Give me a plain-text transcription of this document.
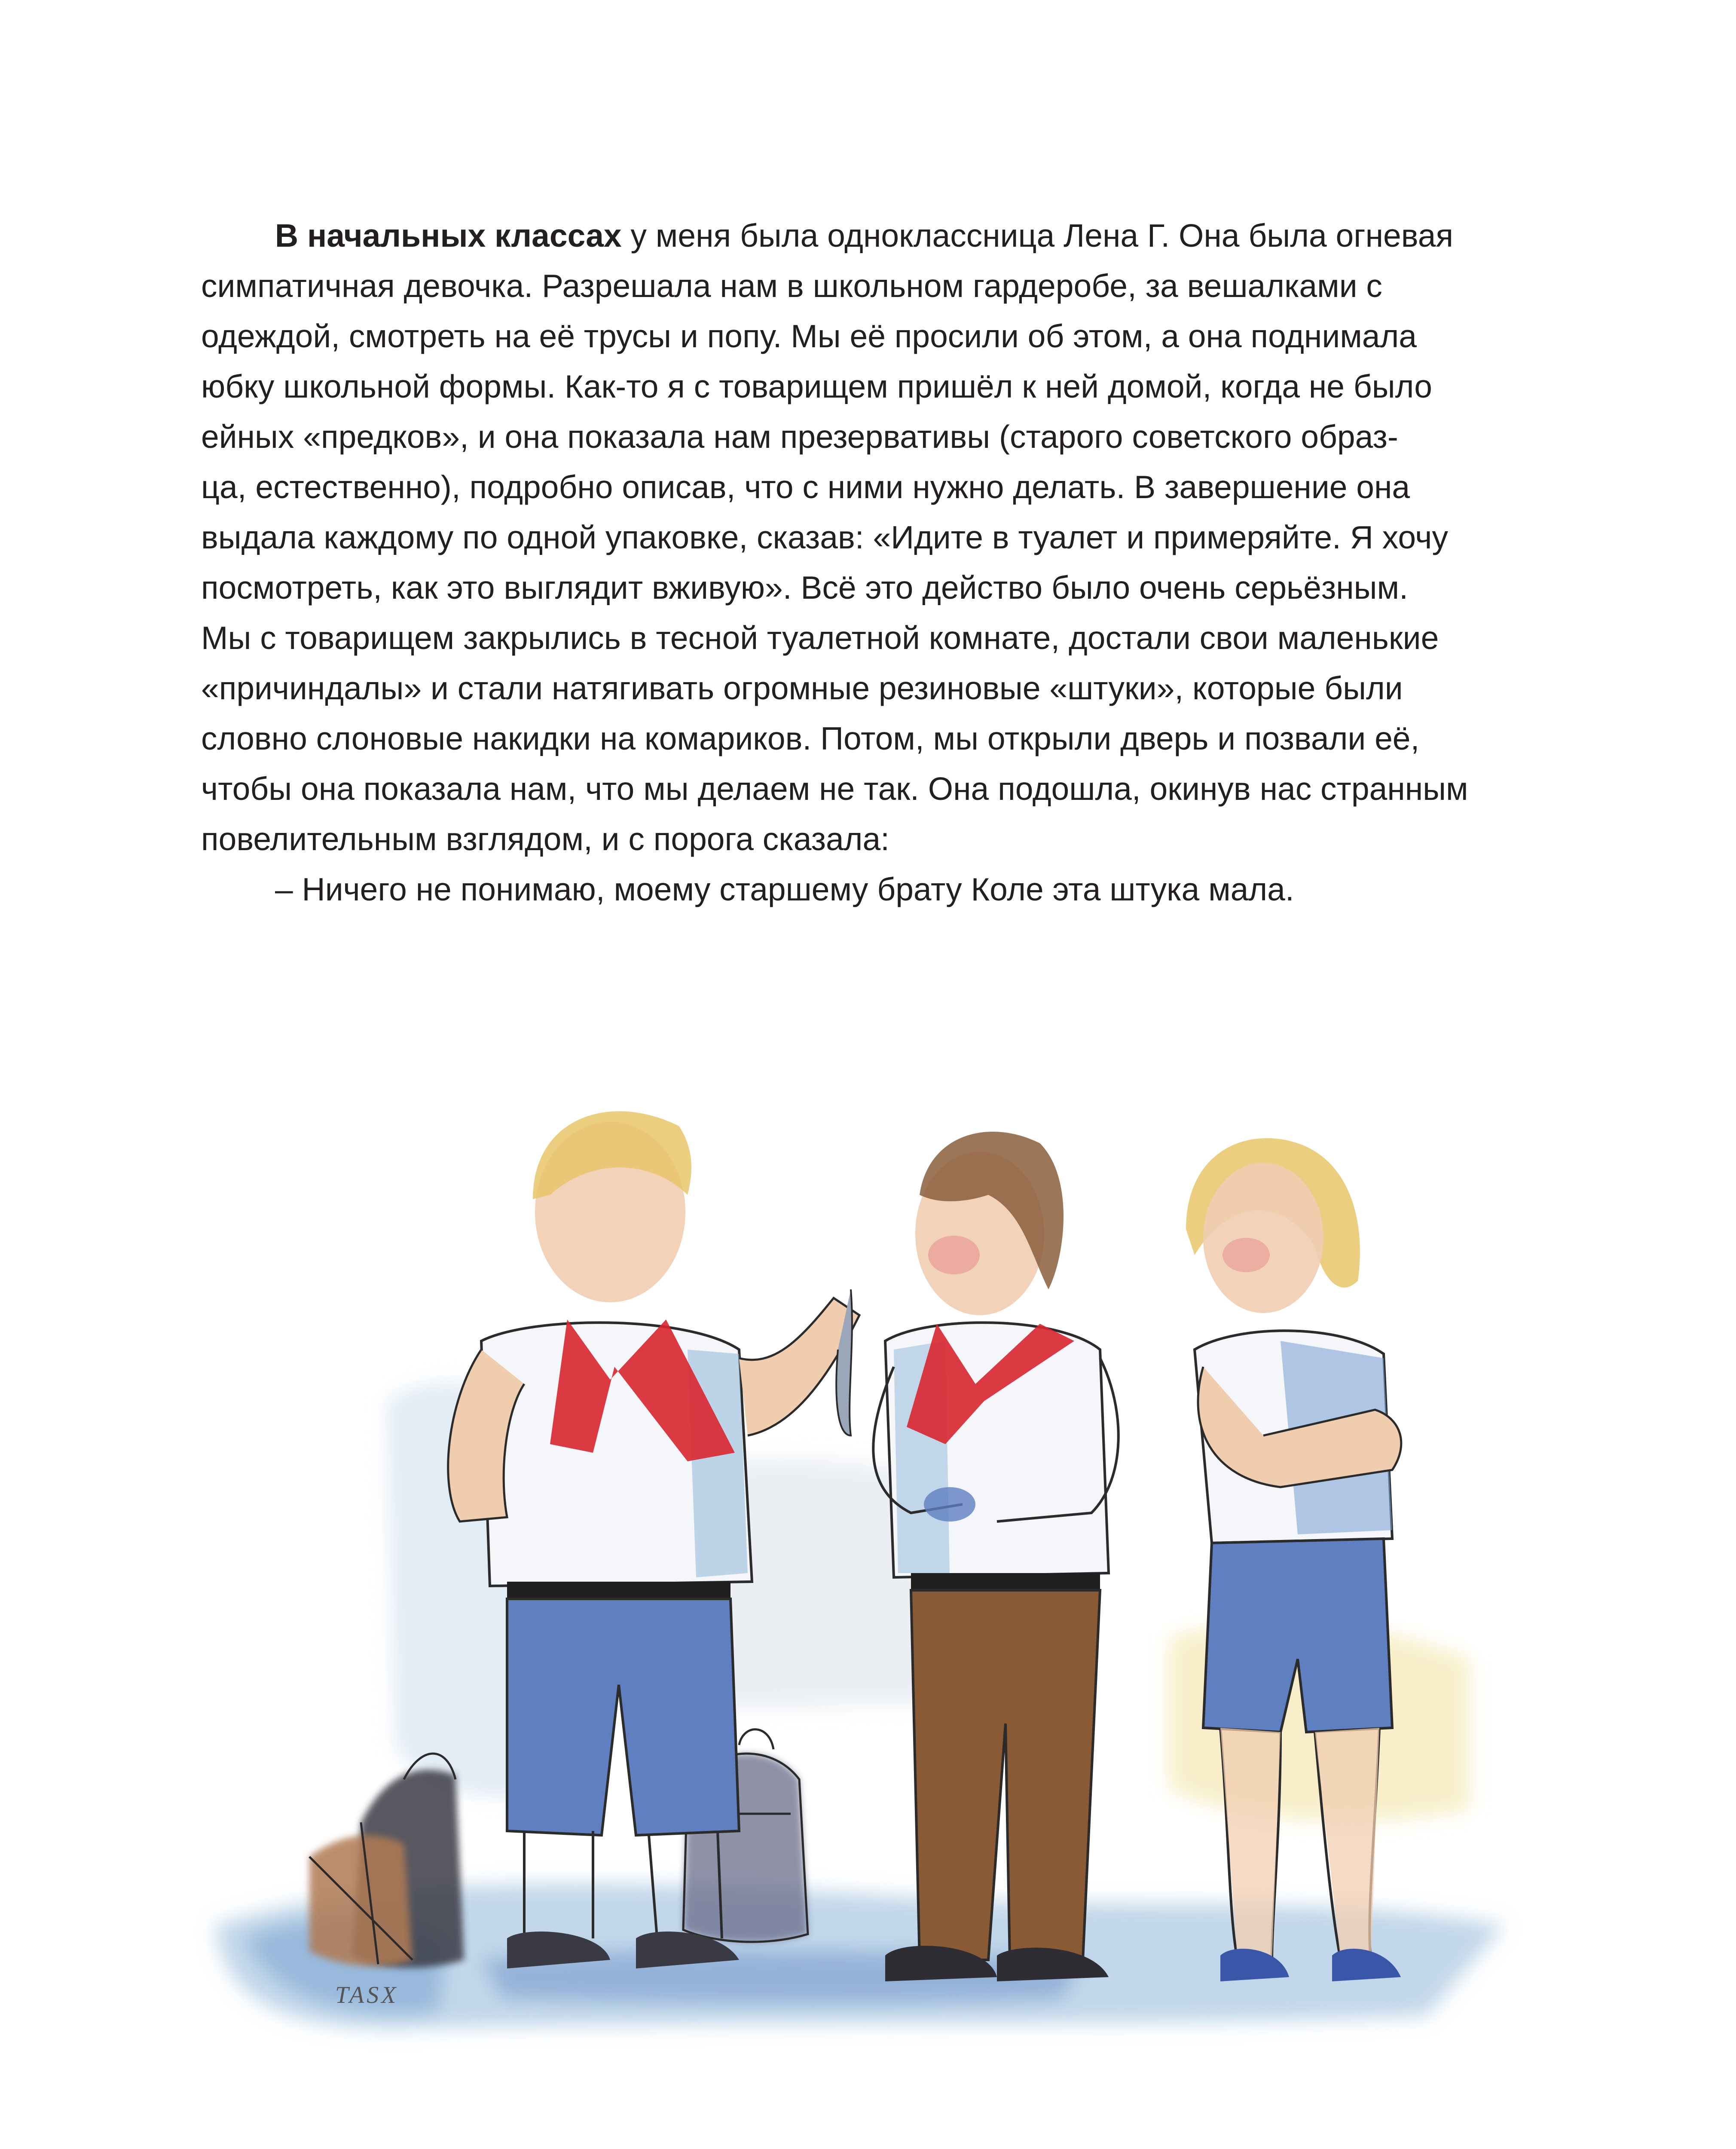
В начальных классах у меня была одноклассница Лена Г. Она была огневая
симпатичная девочка. Разрешала нам в школьном гардеробе, за вешалками с
одеждой, смотреть на её трусы и попу. Мы её просили об этом, а она поднимала
юбку школьной формы. Как-то я с товарищем пришёл к ней домой, когда не было
ейных «предков», и она показала нам презервативы (старого советского образ-
ца, естественно), подробно описав, что с ними нужно делать. В завершение она
выдала каждому по одной упаковке, сказав: «Идите в туалет и примеряйте. Я хочу
посмотреть, как это выглядит вживую». Всё это действо было очень серьёзным.
Мы с товарищем закрылись в тесной туалетной комнате, достали свои маленькие
«причиндалы» и стали натягивать огромные резиновые «штуки», которые были
словно слоновые накидки на комариков. Потом, мы открыли дверь и позвали её,
чтобы она показала нам, что мы делаем не так. Она подошла, окинув нас странным
повелительным взглядом, и с порога сказала:
– Ничего не понимаю, моему старшему брату Коле эта штука мала.
TASX
